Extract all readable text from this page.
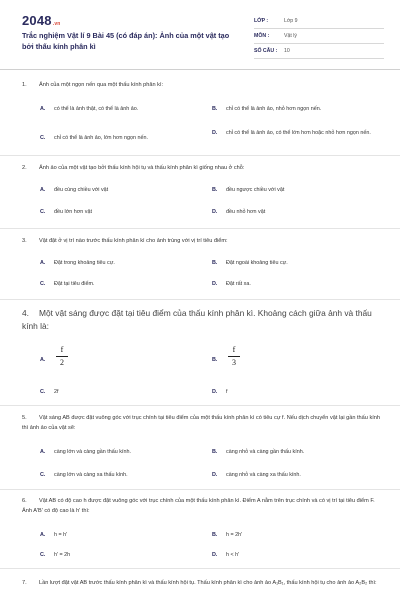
2048.vn
Trắc nghiệm Vật lí 9 Bài 45 (có đáp án): Ảnh của một vật tạo bởi thấu kính phân kì
LỚP :	Lớp 9
MÔN :	Vật lý
SỐ CÂU : 10
1. Ảnh của một ngọn nến qua một thấu kính phân kì:
A. có thể là ảnh thật, có thể là ảnh ảo.	B. chỉ có thể là ảnh ảo, nhỏ hơn ngọn nến.
C. chỉ có thể là ảnh ảo, lớn hơn ngọn nến.
D. chỉ có thể là ảnh ảo, có thể lớn hơn hoặc nhỏ hơn ngọn nến.
2. Ảnh ảo của một vật tạo bởi thấu kính hội tụ và thấu kính phân kì giống nhau ở chỗ:
A. đều cùng chiều với vật	B. đều ngược chiều với vật
C. đều lớn hơn vật	D. đều nhỏ hơn vật
3. Vật đặt ở vị trí nào trước thấu kính phân kì cho ảnh trùng với vị trí tiêu điểm:
A. Đặt trong khoảng tiêu cự.	B. Đặt ngoài khoảng tiêu cự.
C. Đặt tại tiêu điểm.	D. Đặt rất xa.
4. Một vật sáng được đặt tại tiêu điểm của thấu kính phân kì. Khoảng cách giữa ảnh và thấu kính là:
A.
f
2	B.
f
3
C. 2f	D. f
5. Vật sáng AB được đặt vuông góc với trục chính tại tiêu điểm của một thấu kính phân kì có tiêu cự f. Nếu dịch chuyển vật lại gần thấu kính thì ảnh ảo của vật sẽ:
A. càng lớn và càng gần thấu kính.	B. càng nhỏ và càng gần thấu kính.
C. càng lớn và càng xa thấu kính.	D. càng nhỏ và càng xa thấu kính.
6. Vật AB có độ cao h được đặt vuông góc với trục chính của một thấu kính phân kì. Điểm A nằm trên trục chính và có vị trí tại tiêu điểm F. Ảnh A'B' có độ cao là h' thì:
A. h = h'	B. h = 2h'
C. h' = 2h	D. h < h'
7. Lần lượt đặt vật AB trước thấu kính phân kì và thấu kính hội tụ. Thấu kính phân kì cho ảnh ảo A₁B₁, thấu kính hội tụ cho ảnh ảo A₂B₂ thì:
